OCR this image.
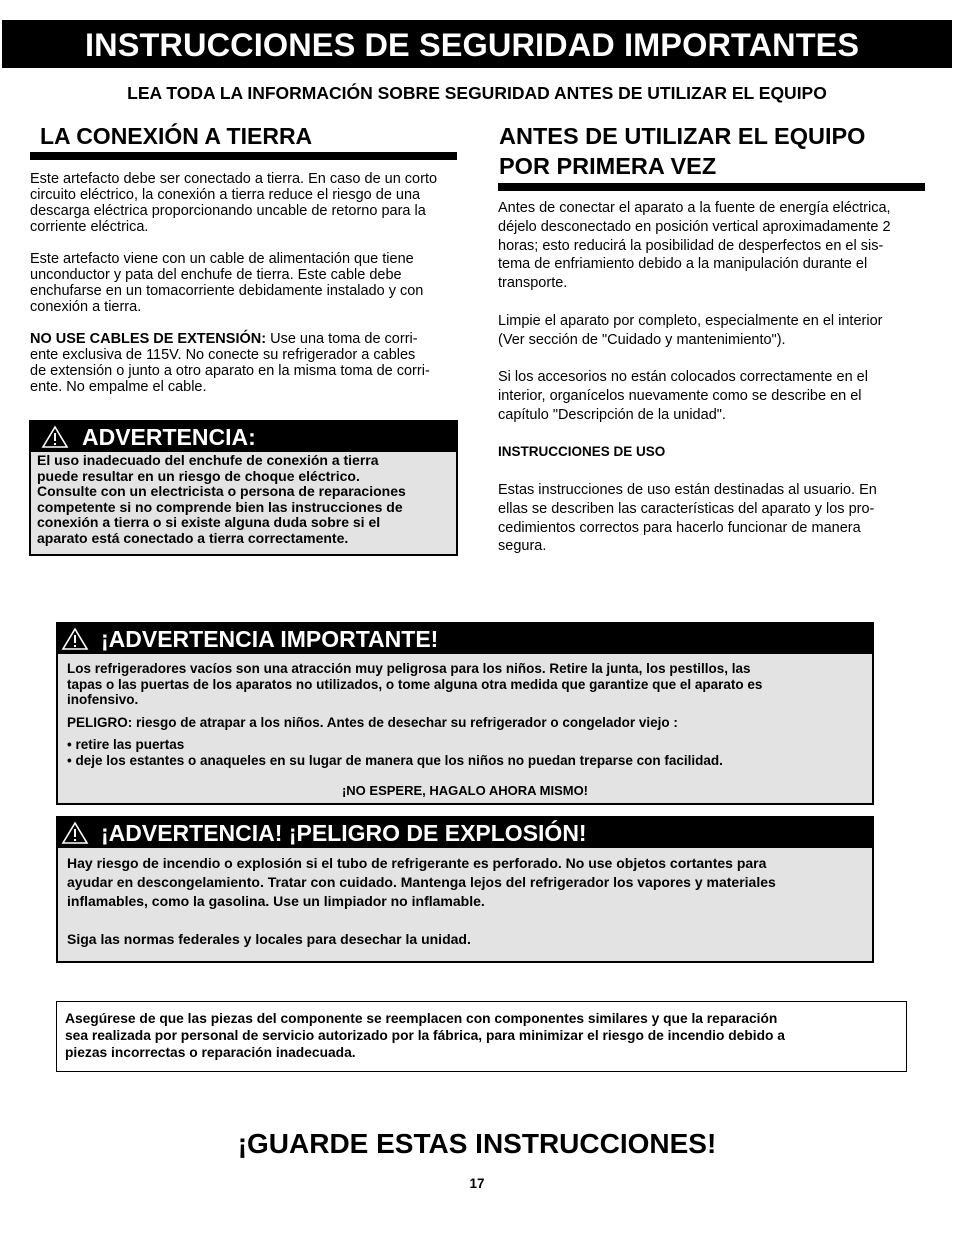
INSTRUCCIONES DE SEGURIDAD IMPORTANTES
LEA TODA LA INFORMACIÓN SOBRE SEGURIDAD ANTES DE UTILIZAR EL EQUIPO
LA CONEXIÓN A TIERRA

Este artefacto debe ser conectado a tierra. En caso de un corto
circuito eléctrico, la conexión a tierra reduce el riesgo de una
descarga eléctrica proporcionando uncable de retorno para la
corriente eléctrica.

Este artefacto viene con un cable de alimentación que tiene
unconductor y pata del enchufe de tierra. Este cable debe
enchufarse en un tomacorriente debidamente instalado y con
conexión a tierra.

NO USE CABLES DE EXTENSIÓN: Use una toma de corri-
ente exclusiva de 115V. No conecte su refrigerador a cables
de extensión o junto a otro aparato en la misma toma de corri-
ente. No empalme el cable.

ADVERTENCIA:
El uso inadecuado del enchufe de conexión a tierra
puede resultar en un riesgo de choque eléctrico.
Consulte con un electricista o persona de reparaciones
competente si no comprende bien las instrucciones de
conexión a tierra o si existe alguna duda sobre si el
aparato está conectado a tierra correctamente.
ANTES DE UTILIZAR EL EQUIPO
POR PRIMERA VEZ

Antes de conectar el aparato a la fuente de energía eléctrica,
déjelo desconectado en posición vertical aproximadamente 2
horas; esto reducirá la posibilidad de desperfectos en el sis-
tema de enfriamiento debido a la manipulación durante el
transporte.

Limpie el aparato por completo, especialmente en el interior
(Ver sección de "Cuidado y mantenimiento").

Si los accesorios no están colocados correctamente en el
interior, organícelos nuevamente como se describe en el
capítulo "Descripción de la unidad".

INSTRUCCIONES DE USO

Estas instrucciones de uso están destinadas al usuario. En
ellas se describen las características del aparato y los pro-
cedimientos correctos para hacerlo funcionar de manera
segura.

¡ADVERTENCIA IMPORTANTE!

Los refrigeradores vacíos son una atracción muy peligrosa para los niños. Retire la junta, los pestillos, las
tapas o las puertas de los aparatos no utilizados, o tome alguna otra medida que garantize que el aparato es
inofensivo.

PELIGRO: riesgo de atrapar a los niños. Antes de desechar su refrigerador o congelador viejo :

• retire las puertas
• deje los estantes o anaqueles en su lugar de manera que los niños no puedan treparse con facilidad.

¡NO ESPERE, HAGALO AHORA MISMO!

¡ADVERTENCIA! ¡PELIGRO DE EXPLOSIÓN!

Hay riesgo de incendio o explosión si el tubo de refrigerante es perforado. No use objetos cortantes para
ayudar en descongelamiento. Tratar con cuidado. Mantenga lejos del refrigerador los vapores y materiales
inflamables, como la gasolina. Use un limpiador no inflamable.

Siga las normas federales y locales para desechar la unidad.

Asegúrese de que las piezas del componente se reemplacen con componentes similares y que la reparación
sea realizada por personal de servicio autorizado por la fábrica, para minimizar el riesgo de incendio debido a
piezas incorrectas o reparación inadecuada.
¡GUARDE ESTAS INSTRUCCIONES!
17
